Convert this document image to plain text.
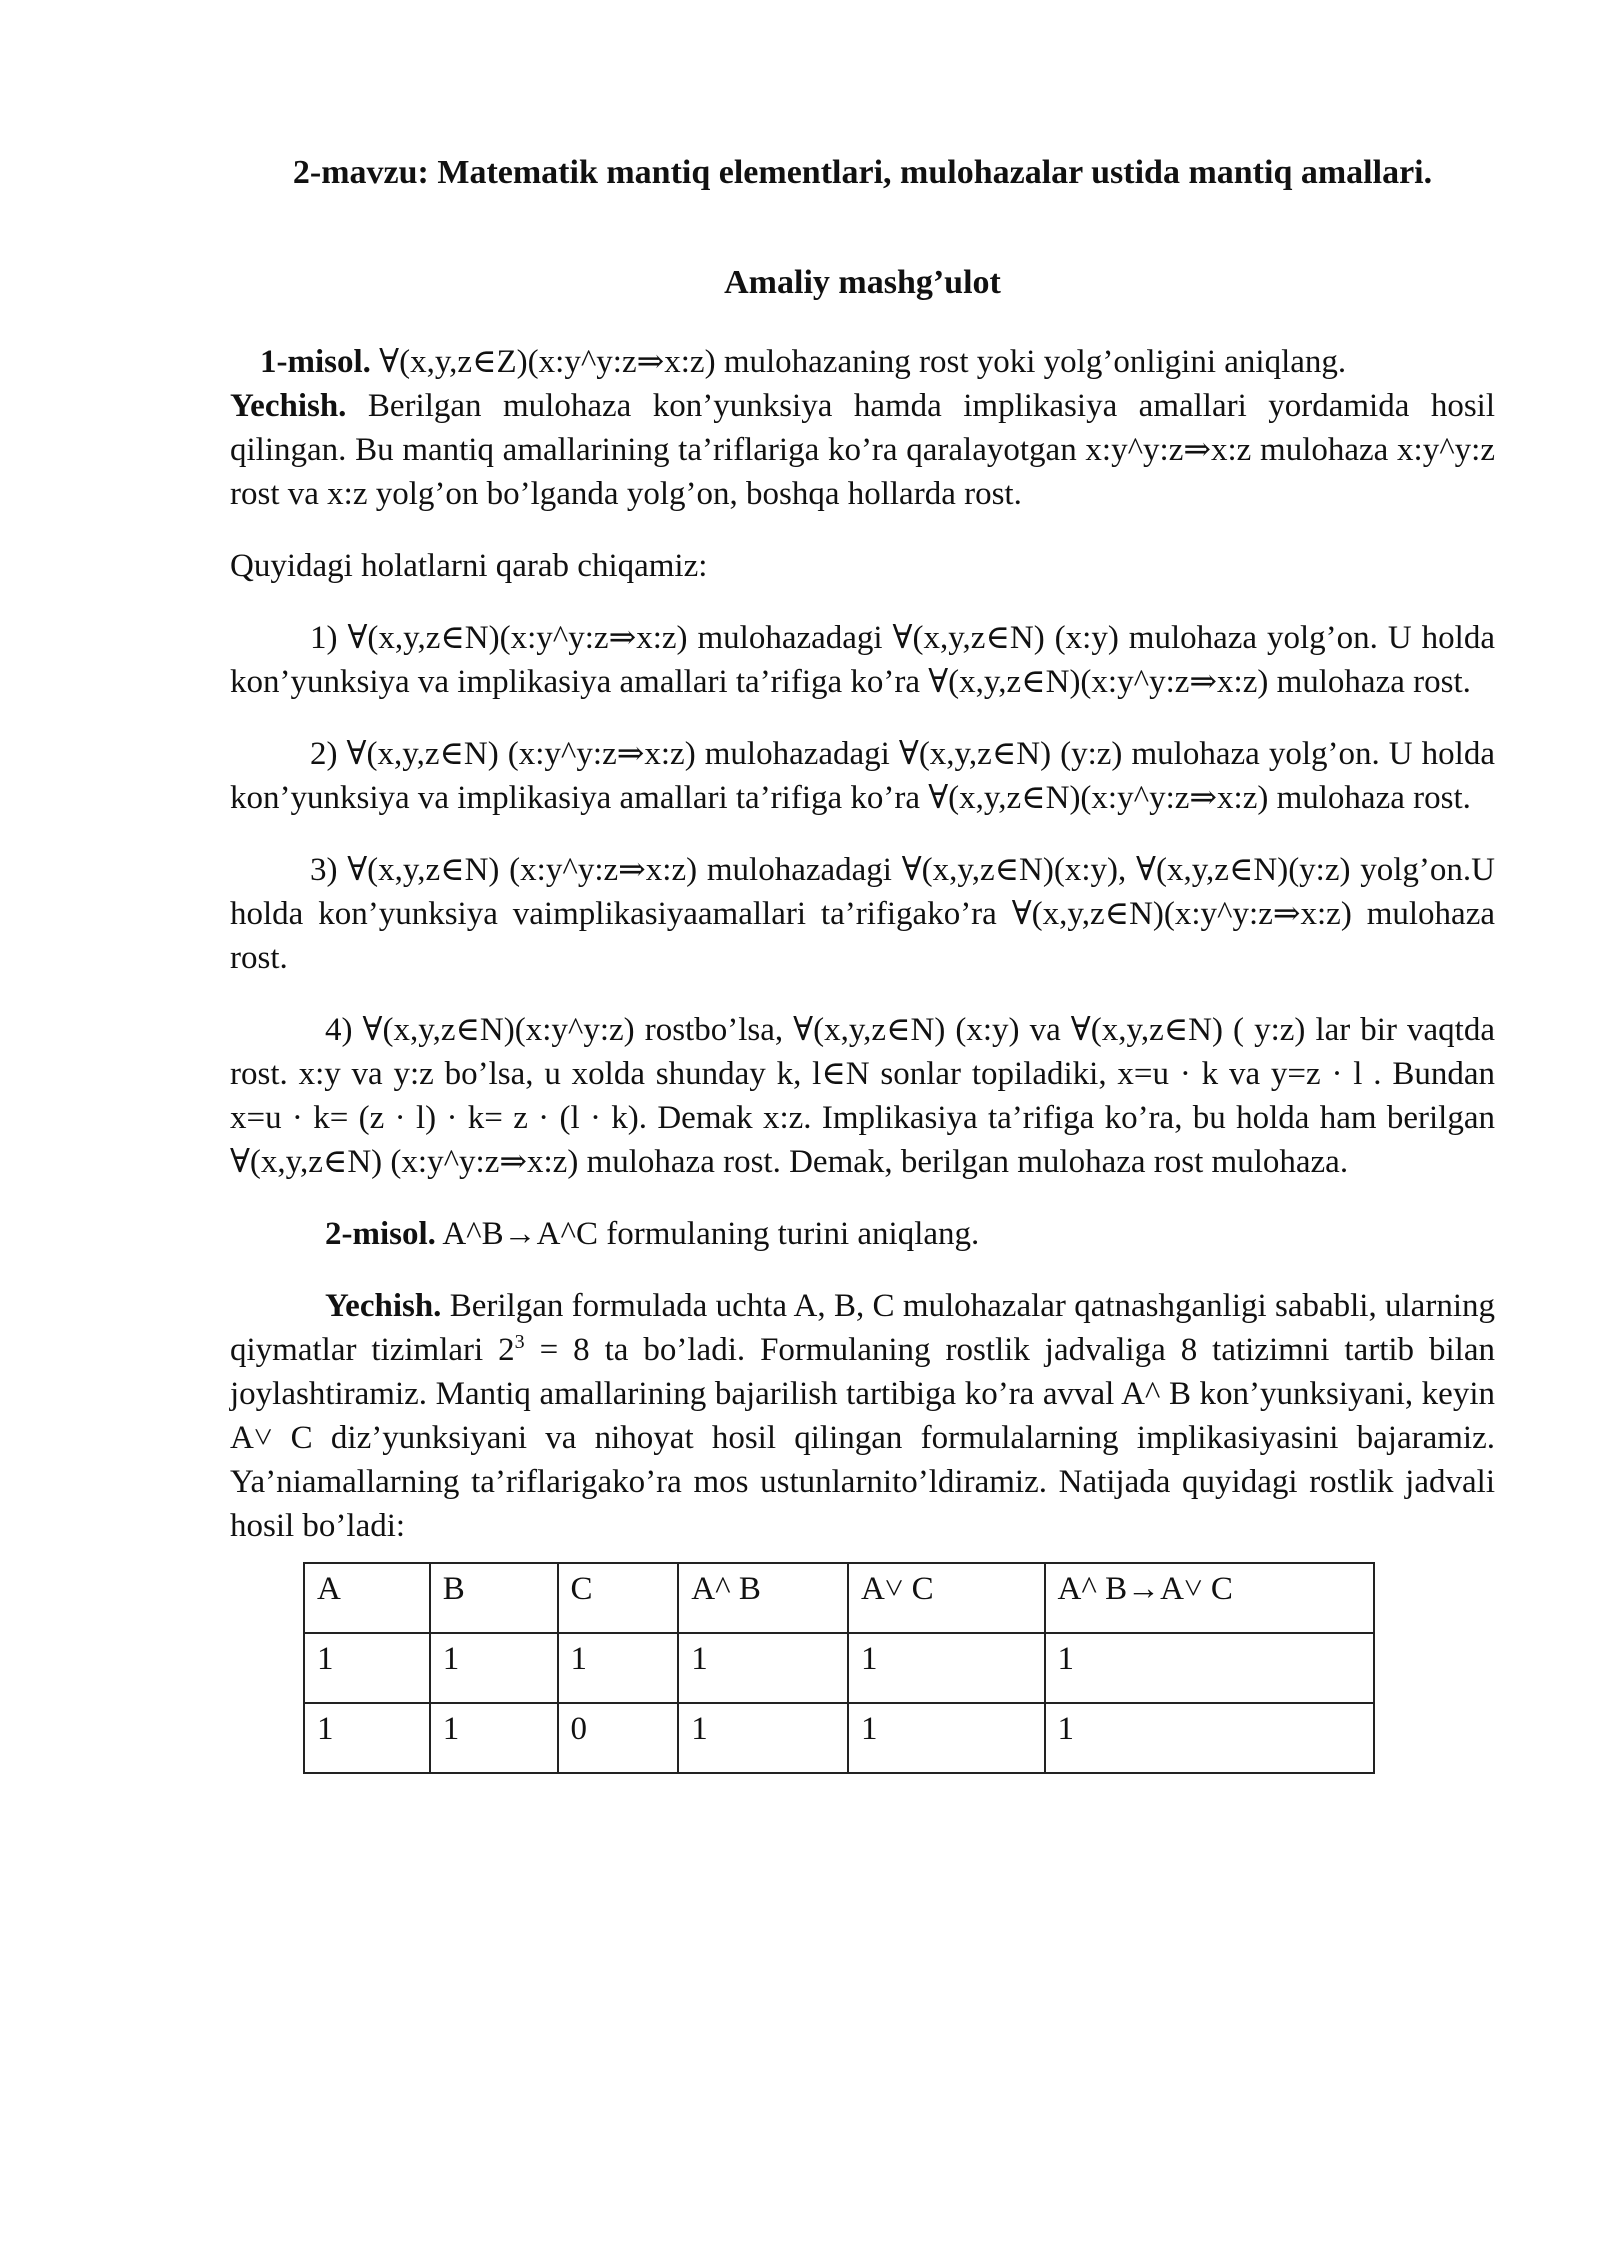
2-mavzu: Matematik mantiq elementlari, mulohazalar ustida mantiq amallari.
Amaliy mashg’ulot

1-misol. ∀(x,y,z∈Z)(x:y^y:z⇒x:z) mulohazaning rost yoki yolg’onligini aniqlang.

Yechish. Berilgan mulohaza kon’yunksiya hamda implikasiya amallari yordamida hosil qilingan. Bu mantiq amallarining ta’riflariga ko’ra qaralayotgan x:y^y:z⇒x:z mulohaza x:y^y:z rost va x:z yolg’on bo’lganda yolg’on, boshqa hollarda rost.

Quyidagi holatlarni qarab chiqamiz:

1) ∀(x,y,z∈N)(x:y^y:z⇒x:z) mulohazadagi ∀(x,y,z∈N) (x:y) mulohaza yolg’on. U holda kon’yunksiya va implikasiya amallari ta’rifiga ko’ra ∀(x,y,z∈N)(x:y^y:z⇒x:z) mulohaza rost.

2) ∀(x,y,z∈N) (x:y^y:z⇒x:z) mulohazadagi ∀(x,y,z∈N) (y:z) mulohaza yolg’on. U holda kon’yunksiya va implikasiya amallari ta’rifiga ko’ra ∀(x,y,z∈N)(x:y^y:z⇒x:z) mulohaza rost.

3) ∀(x,y,z∈N) (x:y^y:z⇒x:z) mulohazadagi ∀(x,y,z∈N)(x:y), ∀(x,y,z∈N)(y:z) yolg’on.U holda kon’yunksiya vaimplikasiyaamallari ta’rifigako’ra ∀(x,y,z∈N)(x:y^y:z⇒x:z) mulohaza rost.

4) ∀(x,y,z∈N)(x:y^y:z) rostbo’lsa, ∀(x,y,z∈N) (x:y) va ∀(x,y,z∈N) ( y:z) lar bir vaqtda rost. x:y va y:z bo’lsa, u xolda shunday k, l∈N sonlar topiladiki, x=u · k va y=z · l . Bundan x=u · k= (z · l) · k= z · (l · k). Demak x:z. Implikasiya ta’rifiga ko’ra, bu holda ham berilgan ∀(x,y,z∈N) (x:y^y:z⇒x:z) mulohaza rost. Demak, berilgan mulohaza rost mulohaza.

2-misol. A^B→A^C formulaning turini aniqlang.

Yechish. Berilgan formulada uchta A, B, C mulohazalar qatnashganligi sababli, ularning qiymatlar tizimlari $2^3 = 8$ ta bo’ladi. Formulaning rostlik jadvaliga 8 tatizimni tartib bilan joylashtiramiz. Mantiq amallarining bajarilish tartibiga ko’ra avval A^ B kon’yunksiyani, keyin A˅ C diz’yunksiyani va nihoyat hosil qilingan formulalarning implikasiyasini bajaramiz. Ya’niamallarning ta’riflarigako’ra mos ustunlarnito’ldiramiz. Natijada quyidagi rostlik jadvali hosil bo’ladi:

A	B	C	A^ B	A˅ C	A^ B→A˅ C
1	1	1	1	1	1
1	1	0	1	1	1
